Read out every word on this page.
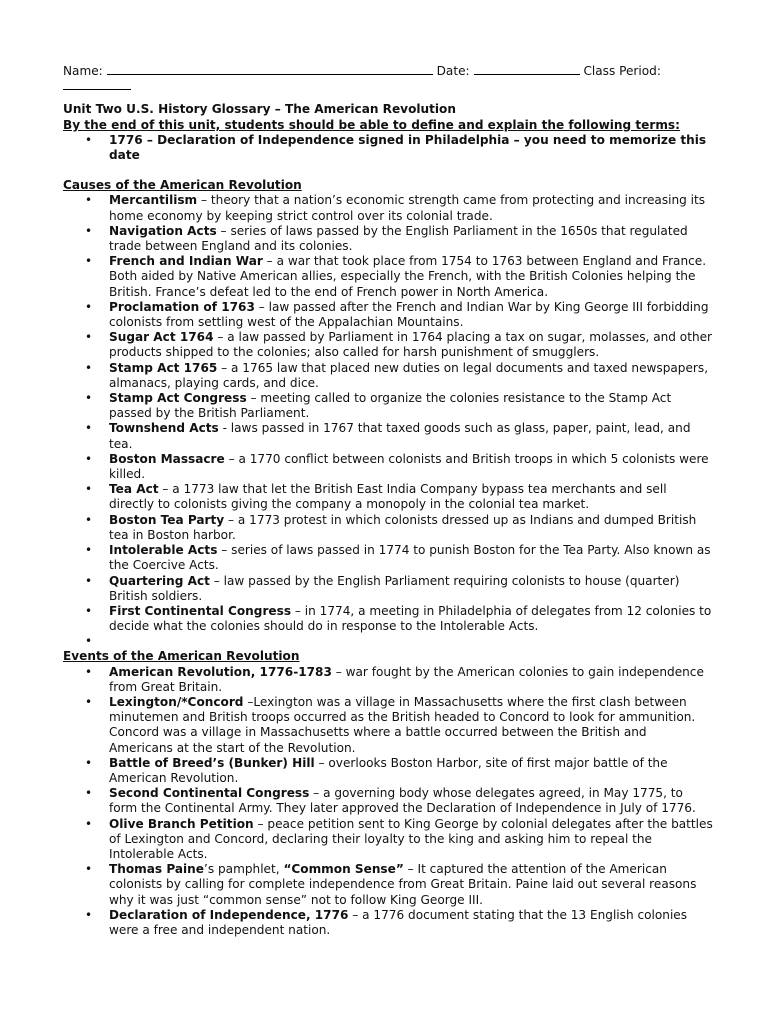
Name:	Date:	Class Period:
Unit Two U.S. History Glossary – The American Revolution
By the end of this unit, students should be able to define and explain the following terms:
• 1776 – Declaration of Independence signed in Philadelphia – you need to memorize this date
Causes of the American Revolution
• Mercantilism – theory that a nation’s economic strength came from protecting and increasing its home economy by keeping strict control over its colonial trade.
• Navigation Acts – series of laws passed by the English Parliament in the 1650s that regulated trade between England and its colonies.
• French and Indian War – a war that took place from 1754 to 1763 between England and France. Both aided by Native American allies, especially the French, with the British Colonies helping the British. France’s defeat led to the end of French power in North America.
• Proclamation of 1763 – law passed after the French and Indian War by King George III forbidding colonists from settling west of the Appalachian Mountains.
• Sugar Act 1764 – a law passed by Parliament in 1764 placing a tax on sugar, molasses, and other products shipped to the colonies; also called for harsh punishment of smugglers.
• Stamp Act 1765 – a 1765 law that placed new duties on legal documents and taxed newspapers, almanacs, playing cards, and dice.
• Stamp Act Congress – meeting called to organize the colonies resistance to the Stamp Act passed by the British Parliament.
• Townshend Acts - laws passed in 1767 that taxed goods such as glass, paper, paint, lead, and tea.
• Boston Massacre – a 1770 conflict between colonists and British troops in which 5 colonists were killed.
• Tea Act – a 1773 law that let the British East India Company bypass tea merchants and sell directly to colonists giving the company a monopoly in the colonial tea market.
• Boston Tea Party – a 1773 protest in which colonists dressed up as Indians and dumped British tea in Boston harbor.
• Intolerable Acts – series of laws passed in 1774 to punish Boston for the Tea Party. Also known as the Coercive Acts.
• Quartering Act – law passed by the English Parliament requiring colonists to house (quarter) British soldiers.
• First Continental Congress – in 1774, a meeting in Philadelphia of delegates from 12 colonies to decide what the colonies should do in response to the Intolerable Acts.
•
Events of the American Revolution
• American Revolution, 1776-1783 – war fought by the American colonies to gain independence from Great Britain.
• Lexington/*Concord –Lexington was a village in Massachusetts where the first clash between minutemen and British troops occurred as the British headed to Concord to look for ammunition. Concord was a village in Massachusetts where a battle occurred between the British and Americans at the start of the Revolution.
• Battle of Breed’s (Bunker) Hill – overlooks Boston Harbor, site of first major battle of the American Revolution.
• Second Continental Congress – a governing body whose delegates agreed, in May 1775, to form the Continental Army. They later approved the Declaration of Independence in July of 1776.
• Olive Branch Petition – peace petition sent to King George by colonial delegates after the battles of Lexington and Concord, declaring their loyalty to the king and asking him to repeal the Intolerable Acts.
• Thomas Paine’s pamphlet, “Common Sense” – It captured the attention of the American colonists by calling for complete independence from Great Britain. Paine laid out several reasons why it was just “common sense” not to follow King George III.
• Declaration of Independence, 1776 – a 1776 document stating that the 13 English colonies were a free and independent nation.
